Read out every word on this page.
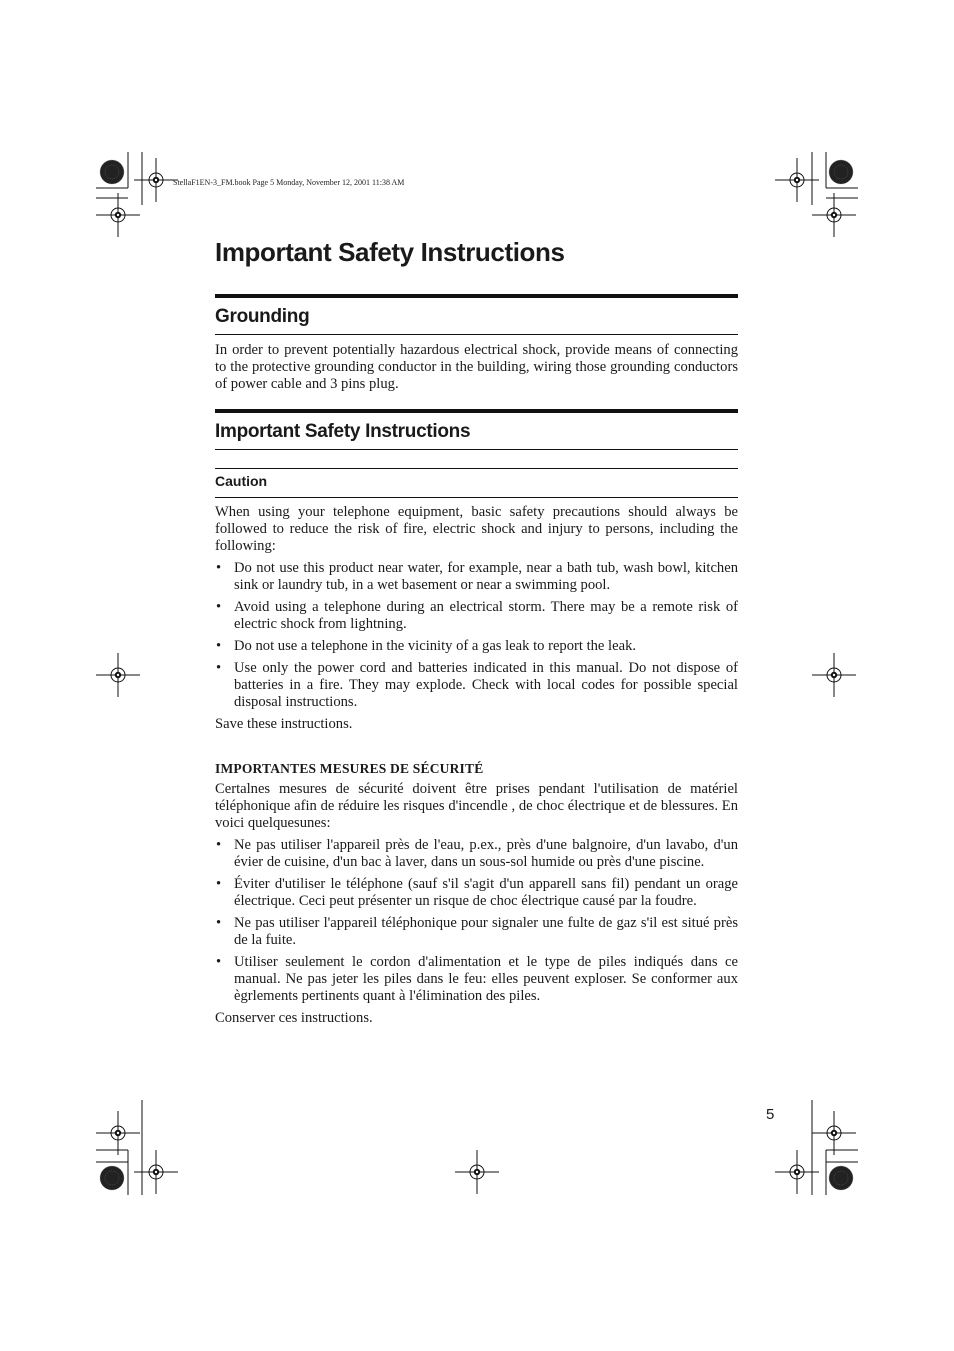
StellaF1EN-3_FM.book Page 5 Monday, November 12, 2001 11:38 AM
Important Safety Instructions
Grounding

In order to prevent potentially hazardous electrical shock, provide means of connecting to the protective grounding conductor in the building, wiring those grounding conductors of power cable and 3 pins plug.

Important Safety Instructions
Caution

When using your telephone equipment, basic safety precautions should always be followed to reduce the risk of fire, electric shock and injury to persons, including the following:

• Do not use this product near water, for example, near a bath tub, wash bowl, kitchen sink or laundry tub, in a wet basement or near a swimming pool.
• Avoid using a telephone during an electrical storm. There may be a remote risk of electric shock from lightning.
• Do not use a telephone in the vicinity of a gas leak to report the leak.
• Use only the power cord and batteries indicated in this manual. Do not dispose of batteries in a fire. They may explode. Check with local codes for possible special disposal instructions.

Save these instructions.

IMPORTANTES MESURES DE SÉCURITÉ

Certalnes mesures de sécurité doivent être prises pendant l'utilisation de matériel téléphonique afin de réduire les risques d'incendle , de choc électrique et de blessures. En voici quelquesunes:

• Ne pas utiliser l'appareil près de l'eau, p.ex., près d'une balgnoire, d'un lavabo, d'un évier de cuisine, d'un bac à laver, dans un sous-sol humide ou près d'une piscine.
• Éviter d'utiliser le téléphone (sauf s'il s'agit d'un apparell sans fil) pendant un orage électrique. Ceci peut présenter un risque de choc électrique causé par la foudre.
• Ne pas utiliser l'appareil téléphonique pour signaler une fulte de gaz s'il est situé près de la fuite.
• Utiliser seulement le cordon d'alimentation et le type de piles indiqués dans ce manual. Ne pas jeter les piles dans le feu: elles peuvent exploser. Se conformer aux ègrlements pertinents quant à l'élimination des piles.

Conserver ces instructions.

5
